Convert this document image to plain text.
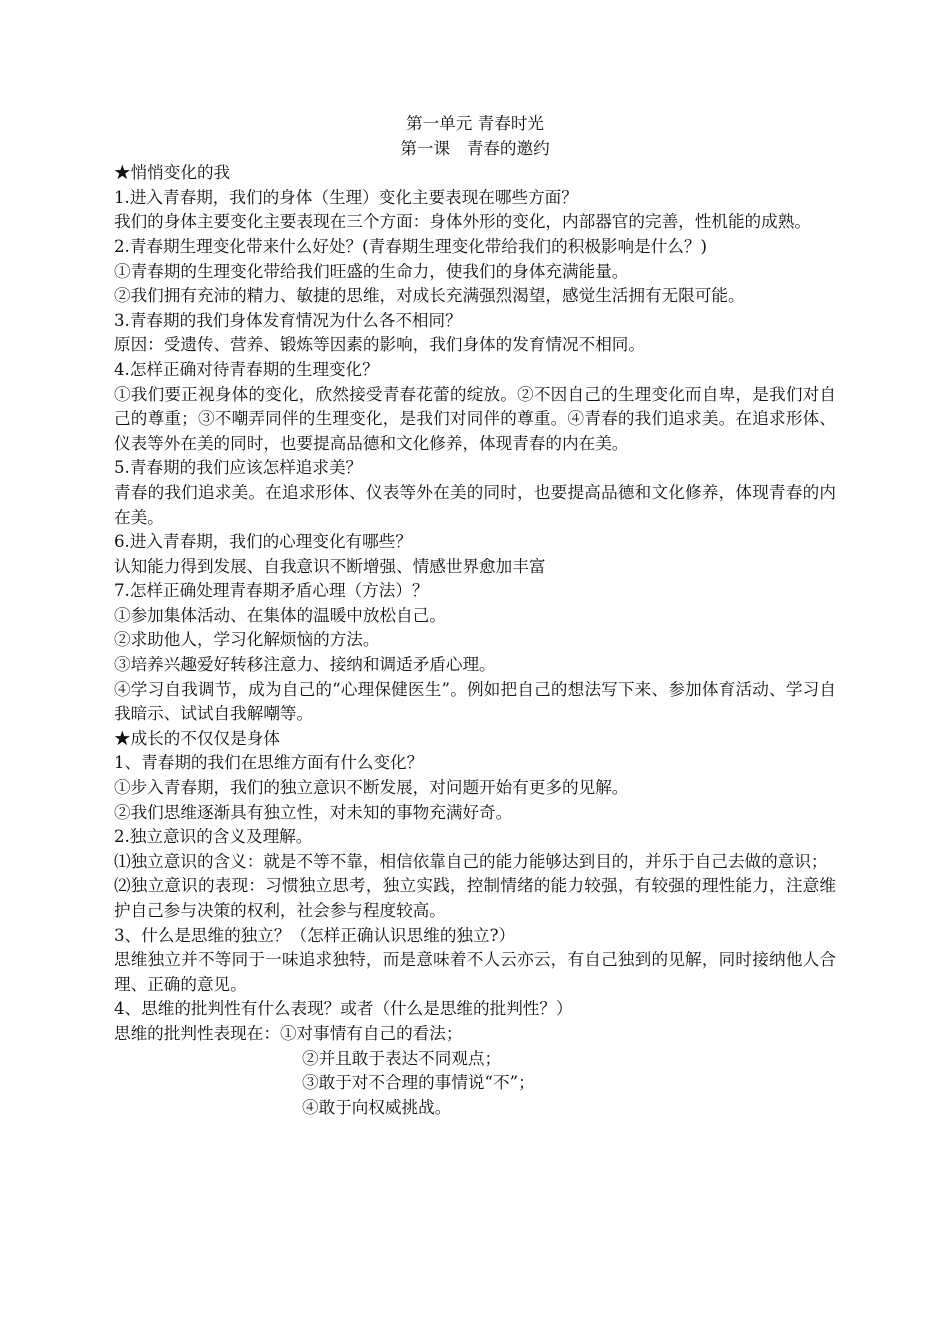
第一单元 青春时光

第一课　青春的邀约

★悄悄变化的我

1.进入青春期，我们的身体（生理）变化主要表现在哪些方面？

我们的身体主要变化主要表现在三个方面：身体外形的变化，内部器官的完善，性机能的成熟。

2.青春期生理变化带来什么好处？(青春期生理变化带给我们的积极影响是什么？)

①青春期的生理变化带给我们旺盛的生命力，使我们的身体充满能量。

②我们拥有充沛的精力、敏捷的思维，对成长充满强烈渴望，感觉生活拥有无限可能。

3.青春期的我们身体发育情况为什么各不相同？

原因：受遗传、营养、锻炼等因素的影响，我们身体的发育情况不相同。

4.怎样正确对待青春期的生理变化？

①我们要正视身体的变化，欣然接受青春花蕾的绽放。②不因自己的生理变化而自卑，是我们对自己的尊重；③不嘲弄同伴的生理变化，是我们对同伴的尊重。④青春的我们追求美。在追求形体、仪表等外在美的同时，也要提高品德和文化修养，体现青春的内在美。

5.青春期的我们应该怎样追求美？

青春的我们追求美。在追求形体、仪表等外在美的同时，也要提高品德和文化修养，体现青春的内在美。

6.进入青春期，我们的心理变化有哪些？

认知能力得到发展、自我意识不断增强、情感世界愈加丰富

7.怎样正确处理青春期矛盾心理（方法）？

①参加集体活动、在集体的温暖中放松自己。

②求助他人，学习化解烦恼的方法。

③培养兴趣爱好转移注意力、接纳和调适矛盾心理。

④学习自我调节，成为自己的“心理保健医生”。例如把自己的想法写下来、参加体育活动、学习自我暗示、试试自我解嘲等。

★成长的不仅仅是身体

1、青春期的我们在思维方面有什么变化？

①步入青春期，我们的独立意识不断发展，对问题开始有更多的见解。

②我们思维逐渐具有独立性，对未知的事物充满好奇。

2.独立意识的含义及理解。

⑴独立意识的含义：就是不等不靠，相信依靠自己的能力能够达到目的，并乐于自己去做的意识；

⑵独立意识的表现：习惯独立思考，独立实践，控制情绪的能力较强，有较强的理性能力，注意维护自己参与决策的权利，社会参与程度较高。

3、什么是思维的独立？（怎样正确认识思维的独立?）

思维独立并不等同于一味追求独特，而是意味着不人云亦云，有自己独到的见解，同时接纳他人合理、正确的意见。

4、思维的批判性有什么表现？或者（什么是思维的批判性？）

思维的批判性表现在：①对事情有自己的看法；

②并且敢于表达不同观点；

③敢于对不合理的事情说“不”；

④敢于向权威挑战。
